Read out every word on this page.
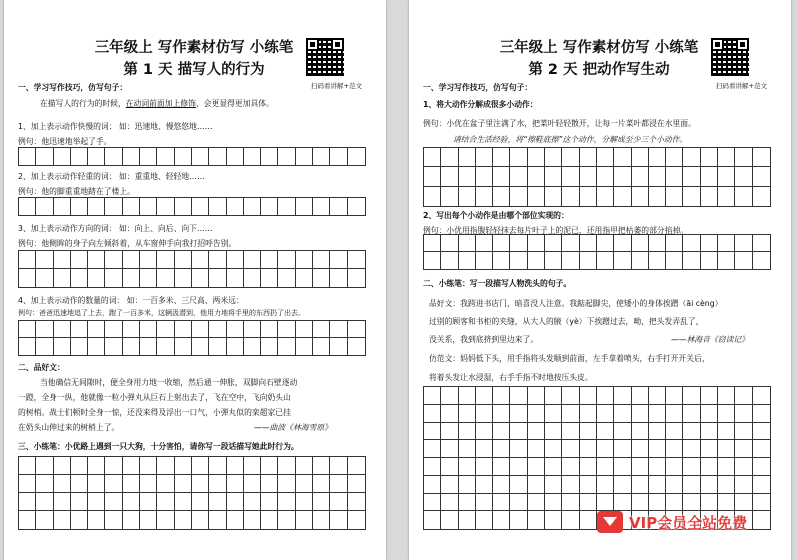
三年级上 写作素材仿写 小练笔
第 1 天 描写人的行为
扫码看讲解+范文
一、学习写作技巧，仿写句子：
在描写人的行为的时候，在动词前面加上修饰，会更显得更加具体。
1、加上表示动作快慢的词： 如：迅速地、慢悠悠地……
例句：他迅速地举起了手。
2、加上表示动作轻重的词： 如：重重地、轻轻地……
例句：他的脚重重地踏在了楼上。
3、加上表示动作方向的词： 如：向上、向后、向下……
例句：他侧眸的身子向左倾斜着，从车窗伸手向我打招呼告别。
4、加上表示动作的数量的词： 如：一百多米、三尺高、两米远：
例句：爸爸迅速地追了上去，跑了一百多米，这辆汲潜到，他用力地将手里的东西扔了出去。
二、品好文：
当他确信无间隙时，便全身用力地一收缩，然后通一伸胀，双脚向石壁逐动
一蹬，全身一纵，他就像一粒小弹丸从巨石上射出去了，飞在空中，飞向奶头山
的树梢。战士们顿时全身一惊，还没来得及浮出一口气，小弹丸似的栾超家已挂
在奶头山伸过来的树梢上了。	——曲波《林海雪原》
三、小练笔：小优路上遇到一只大狗，十分害怕，请你写一段话描写她此时行为。
三年级上 写作素材仿写 小练笔
第 2 天 把动作写生动
扫码看讲解+范文
一、学习写作技巧，仿写句子：
1、将大动作分解成很多小动作：
例句：小优在盆子里注满了水，把菜叶轻轻散开，让每一片菜叶都浸在水里面。
请结合生活经验，将“擦鞋底擦”这个动作，分解成至少三个小动作。
2、写出每个小动作是由哪个部位实现的：
例句：小优用指腹轻轻抹去每片叶子上的泥已，还用指甲把枯萎的部分掐掉。
二、小练笔：写一段描写人物洗头的句子。
品好文：我跨进书店门，暗喜没人注意。我踮起脚尖，使矮小的身体挨蹭（āi cèng）
过别的顾客和书柜的夹缝，从大人的腋（yè）下挨蹭过去，呦，把头发弄乱了，
没关系，我到底挤到里边来了。	——林海音《窃读记》
仿范文：妈妈低下头，用手指将头发顺到前面，左手拿着喷头，右手打开开关后，
将着头发让水浸湿，右手手指不时地按压头皮。
VIP会员全站免费
